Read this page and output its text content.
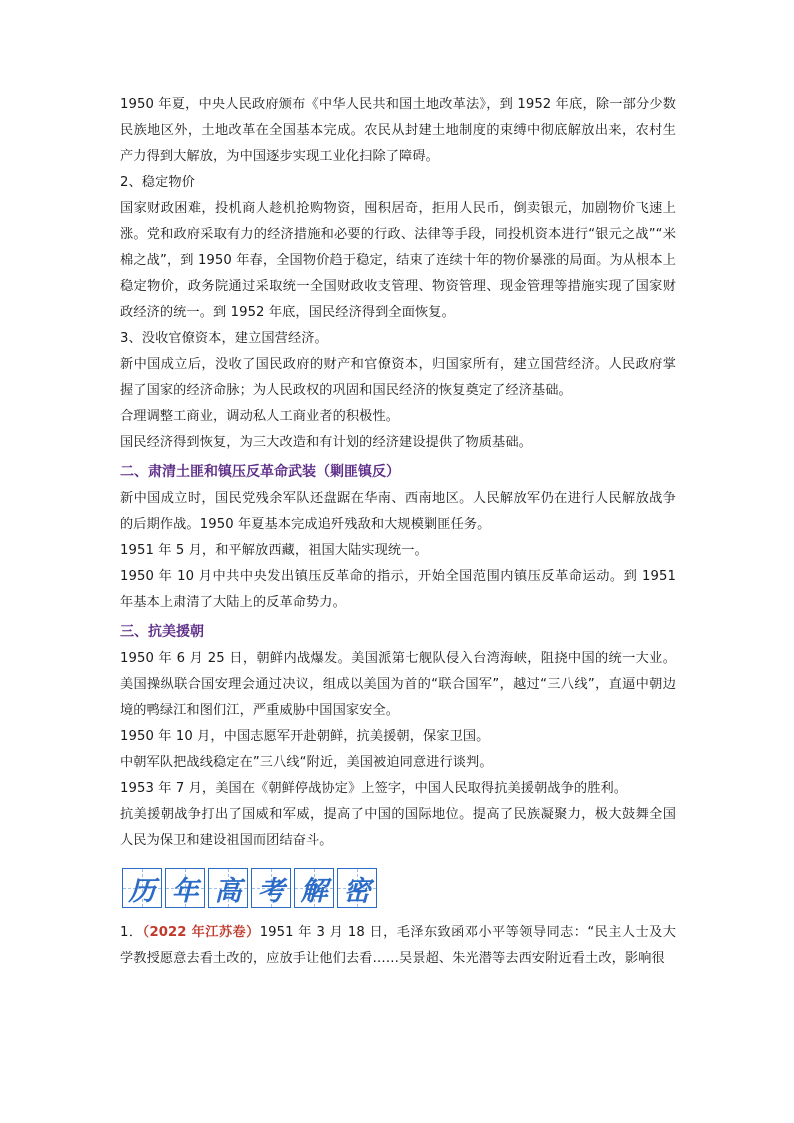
1950 年夏，中央人民政府颁布《中华人民共和国土地改革法》，到 1952 年底，除一部分少数民族地区外，土地改革在全国基本完成。农民从封建土地制度的束缚中彻底解放出来，农村生产力得到大解放，为中国逐步实现工业化扫除了障碍。

2、稳定物价

国家财政困难，投机商人趁机抢购物资，囤积居奇，拒用人民币，倒卖银元，加剧物价飞速上涨。党和政府采取有力的经济措施和必要的行政、法律等手段，同投机资本进行“银元之战”“米棉之战”，到 1950 年春，全国物价趋于稳定，结束了连续十年的物价暴涨的局面。为从根本上稳定物价，政务院通过采取统一全国财政收支管理、物资管理、现金管理等措施实现了国家财政经济的统一。到 1952 年底，国民经济得到全面恢复。

3、没收官僚资本，建立国营经济。

新中国成立后，没收了国民政府的财产和官僚资本，归国家所有，建立国营经济。人民政府掌握了国家的经济命脉；为人民政权的巩固和国民经济的恢复奠定了经济基础。

合理调整工商业，调动私人工商业者的积极性。

国民经济得到恢复，为三大改造和有计划的经济建设提供了物质基础。

二、肃清土匪和镇压反革命武装（剿匪镇反）

新中国成立时，国民党残余军队还盘踞在华南、西南地区。人民解放军仍在进行人民解放战争的后期作战。1950 年夏基本完成追歼残敌和大规模剿匪任务。

1951 年 5 月，和平解放西藏，祖国大陆实现统一。

1950 年 10 月中共中央发出镇压反革命的指示，开始全国范围内镇压反革命运动。到 1951 年基本上肃清了大陆上的反革命势力。

三、抗美援朝

1950 年 6 月 25 日，朝鲜内战爆发。美国派第七舰队侵入台湾海峡，阻挠中国的统一大业。美国操纵联合国安理会通过决议，组成以美国为首的“联合国军”，越过“三八线”，直逼中朝边境的鸭绿江和图们江，严重威胁中国国家安全。

1950 年 10 月，中国志愿军开赴朝鲜，抗美援朝，保家卫国。

中朝军队把战线稳定在”三八线“附近，美国被迫同意进行谈判。

1953 年 7 月，美国在《朝鲜停战协定》上签字，中国人民取得抗美援朝战争的胜利。

抗美援朝战争打出了国威和军威，提高了中国的国际地位。提高了民族凝聚力，极大鼓舞全国人民为保卫和建设祖国而团结奋斗。

历 年 高 考 解 密

1．（2022 年江苏卷）1951 年 3 月 18 日，毛泽东致函邓小平等领导同志：“民主人士及大学教授愿意去看土改的，应放手让他们去看……吴景超、朱光潜等去西安附近看土改，影响很
